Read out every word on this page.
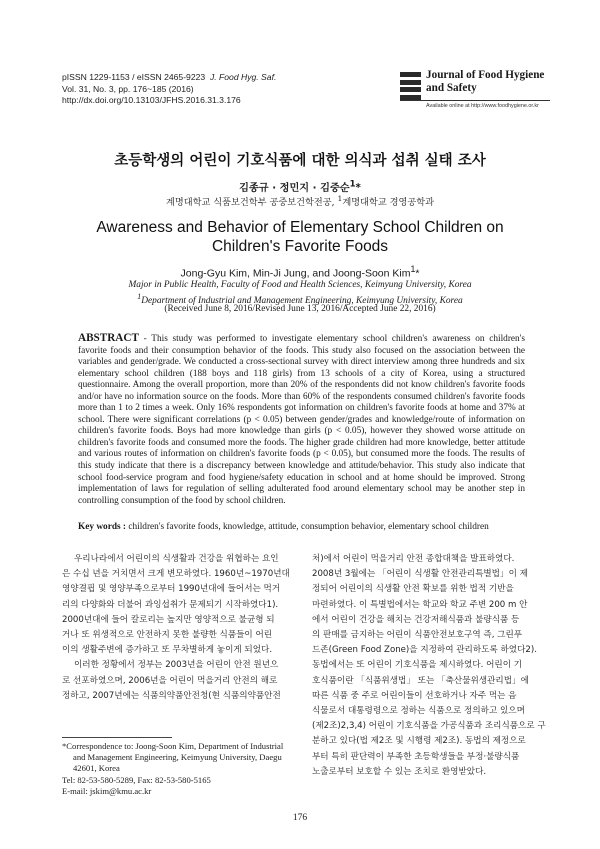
pISSN 1229-1153 / eISSN 2465-9223 J. Food Hyg. Saf.
Vol. 31, No. 3, pp. 176~185 (2016)
http://dx.doi.org/10.13103/JFHS.2016.31.3.176
Journal of Food Hygiene
and Safety
Available online at http://www.foodhygiene.or.kr
초등학생의 어린이 기호식품에 대한 의식과 섭취 실태 조사
김종규 · 정민지 · 김중순$^1$*
계명대학교 식품보건학부 공중보건학전공, $^1$계명대학교 경영공학과
Awareness and Behavior of Elementary School Children on
Children's Favorite Foods
Jong-Gyu Kim, Min-Ji Jung, and Joong-Soon Kim$^1$*
Major in Public Health, Faculty of Food and Health Sciences, Keimyung University, Korea
$^1$Department of Industrial and Management Engineering, Keimyung University, Korea
(Received June 8, 2016/Revised June 13, 2016/Accepted June 22, 2016)
ABSTRACT - This study was performed to investigate elementary school children's awareness on children's favorite foods and their consumption behavior of the foods. This study also focused on the association between the variables and gender/grade. We conducted a cross-sectional survey with direct interview among three hundreds and six elementary school children (188 boys and 118 girls) from 13 schools of a city of Korea, using a structured questionnaire. Among the overall proportion, more than 20% of the respondents did not know children's favorite foods and/or have no information source on the foods. More than 60% of the respondents consumed children's favorite foods more than 1 to 2 times a week. Only 16% respondents got information on children's favorite foods at home and 37% at school. There were significant correlations (p < 0.05) between gender/grades and knowledge/route of information on children's favorite foods. Boys had more knowledge than girls (p < 0.05), however they showed worse attitude on children's favorite foods and consumed more the foods. The higher grade children had more knowledge, better attitude and various routes of information on children's favorite foods (p < 0.05), but consumed more the foods. The results of this study indicate that there is a discrepancy between knowledge and attitude/behavior. This study also indicate that school food-service program and food hygiene/safety education in school and at home should be improved. Strong implementation of laws for regulation of selling adulterated food around elementary school may be another step in controlling consumption of the food by school children.
Key words : children's favorite foods, knowledge, attitude, consumption behavior, elementary school children
우리나라에서 어린이의 식생활과 건강을 위협하는 요인
은 수십 년을 거치면서 크게 변모하였다. 1960년~1970년대
영양결핍 및 영양부족으로부터 1990년대에 들어서는 먹거
리의 다양화와 더불어 과잉섭취가 문제되기 시작하였다1).
2000년대에 들어 칼로리는 높지만 영양적으로 불균형 되
거나 또 위생적으로 안전하지 못한 불량한 식품들이 어린
이의 생활주변에 증가하고 또 무차별하게 놓이게 되었다.
이러한 정황에서 정부는 2003년을 어린이 안전 원년으
로 선포하였으며, 2006년을 어린이 먹을거리 안전의 해로
정하고, 2007년에는 식품의약품안전청(현 식품의약품안전
처)에서 어린이 먹을거리 안전 종합대책을 발표하였다.
2008년 3월에는 「어린이 식생활 안전관리특별법」이 제
정되어 어린이의 식생활 안전 확보를 위한 법적 기반을
마련하였다. 이 특별법에서는 학교와 학교 주변 200 m 안
에서 어린이 건강을 해치는 건강저해식품과 불량식품 등
의 판매를 금지하는 어린이 식품안전보호구역 즉, 그린푸
드존(Green Food Zone)을 지정하여 관리하도록 하였다2).
동법에서는 또 어린이 기호식품을 제시하였다. 어린이 기
호식품이란 「식품위생법」 또는 「축산물위생관리법」에
따른 식품 중 주로 어린이들이 선호하거나 자주 먹는 음
식물로서 대통령령으로 정하는 식품으로 정의하고 있으며
(제2조)2,3,4) 어린이 기호식품을 가공식품과 조리식품으로 구
분하고 있다(법 제2조 및 시행령 제2조). 동법의 제정으로
부터 특히 판단력이 부족한 초등학생들을 부정·불량식품
노출로부터 보호할 수 있는 조치로 환영받았다.
*Correspondence to: Joong-Soon Kim, Department of Industrial
and Management Engineering, Keimyung University, Daegu
42601, Korea
Tel: 82-53-580-5289, Fax: 82-53-580-5165
E-mail: jskim@kmu.ac.kr
176
